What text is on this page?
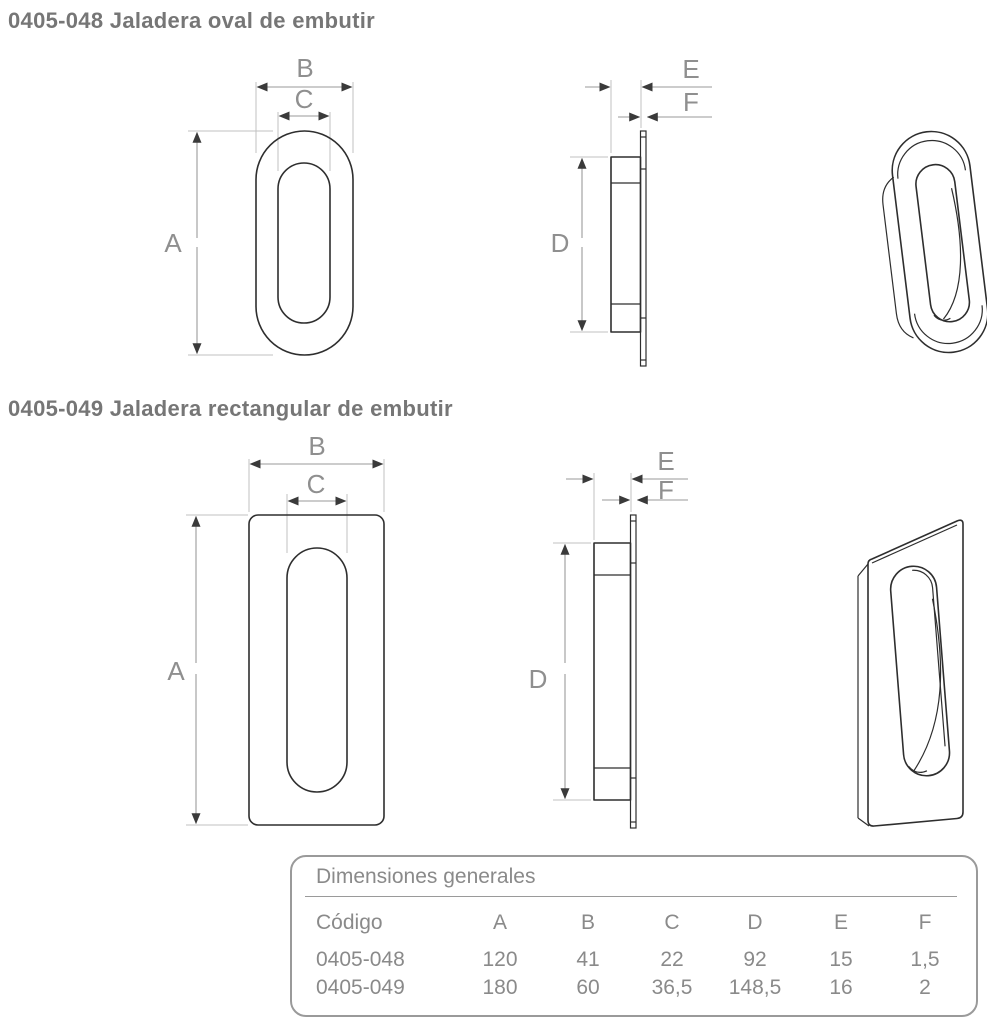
0405-048 Jaladera oval de embutir
0405-049 Jaladera rectangular de embutir
B
C
A
E
F
D
B
C
A
E
F
D
Dimensiones generales
Código	A	B	C	D	E	F
0405-048	120	41	22	92	15	1,5
0405-049	180	60	36,5	148,5	16	2
